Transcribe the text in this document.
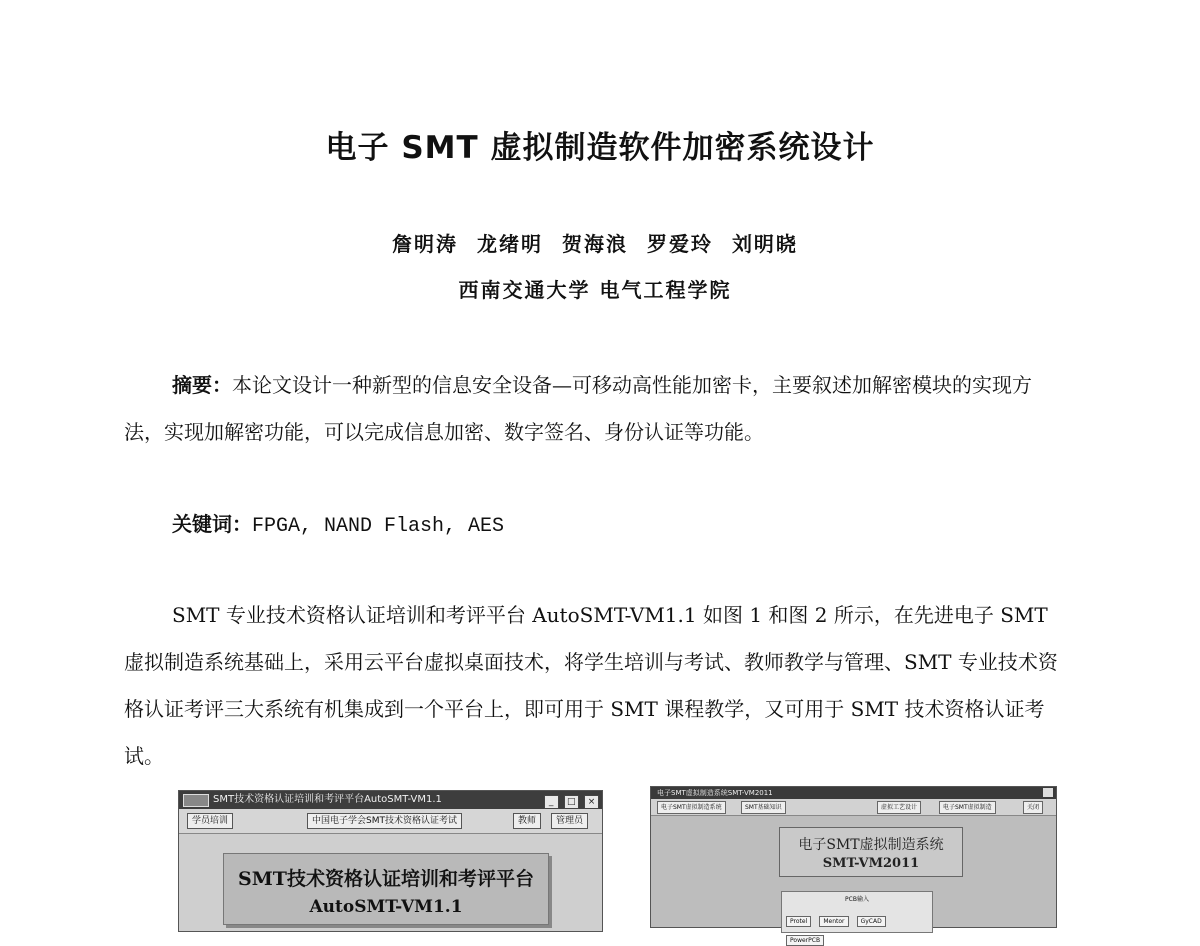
电子 SMT 虚拟制造软件加密系统设计
詹明涛 龙绪明 贺海浪 罗爱玲 刘明晓
西南交通大学 电气工程学院

摘要：本论文设计一种新型的信息安全设备—可移动高性能加密卡，主要叙述加解密模块的实现方法，实现加解密功能，可以完成信息加密、数字签名、身份认证等功能。

关键词：FPGA, NAND Flash, AES

SMT 专业技术资格认证培训和考评平台 AutoSMT-VM1.1 如图 1 和图 2 所示，在先进电子 SMT 虚拟制造系统基础上，采用云平台虚拟桌面技术，将学生培训与考试、教师教学与管理、SMT 专业技术资格认证考评三大系统有机集成到一个平台上，即可用于 SMT 课程教学，又可用于 SMT 技术资格认证考试。

SMT技术资格认证培训和考评平台AutoSMT-VM1.1	_ □ ×
学员培训	中国电子学会SMT技术资格认证考试	教师	管理员
SMT技术资格认证培训和考评平台
AutoSMT-VM1.1
电子SMT虚拟制造系统SMT-VM2011
电子SMT虚拟制造系统	SMT基础知识	虚拟工艺设计	电子SMT虚拟制造	关闭
电子SMT虚拟制造系统
SMT-VM2011
PCB输入
Protel	Mentor	GyCAD PowerPCB
